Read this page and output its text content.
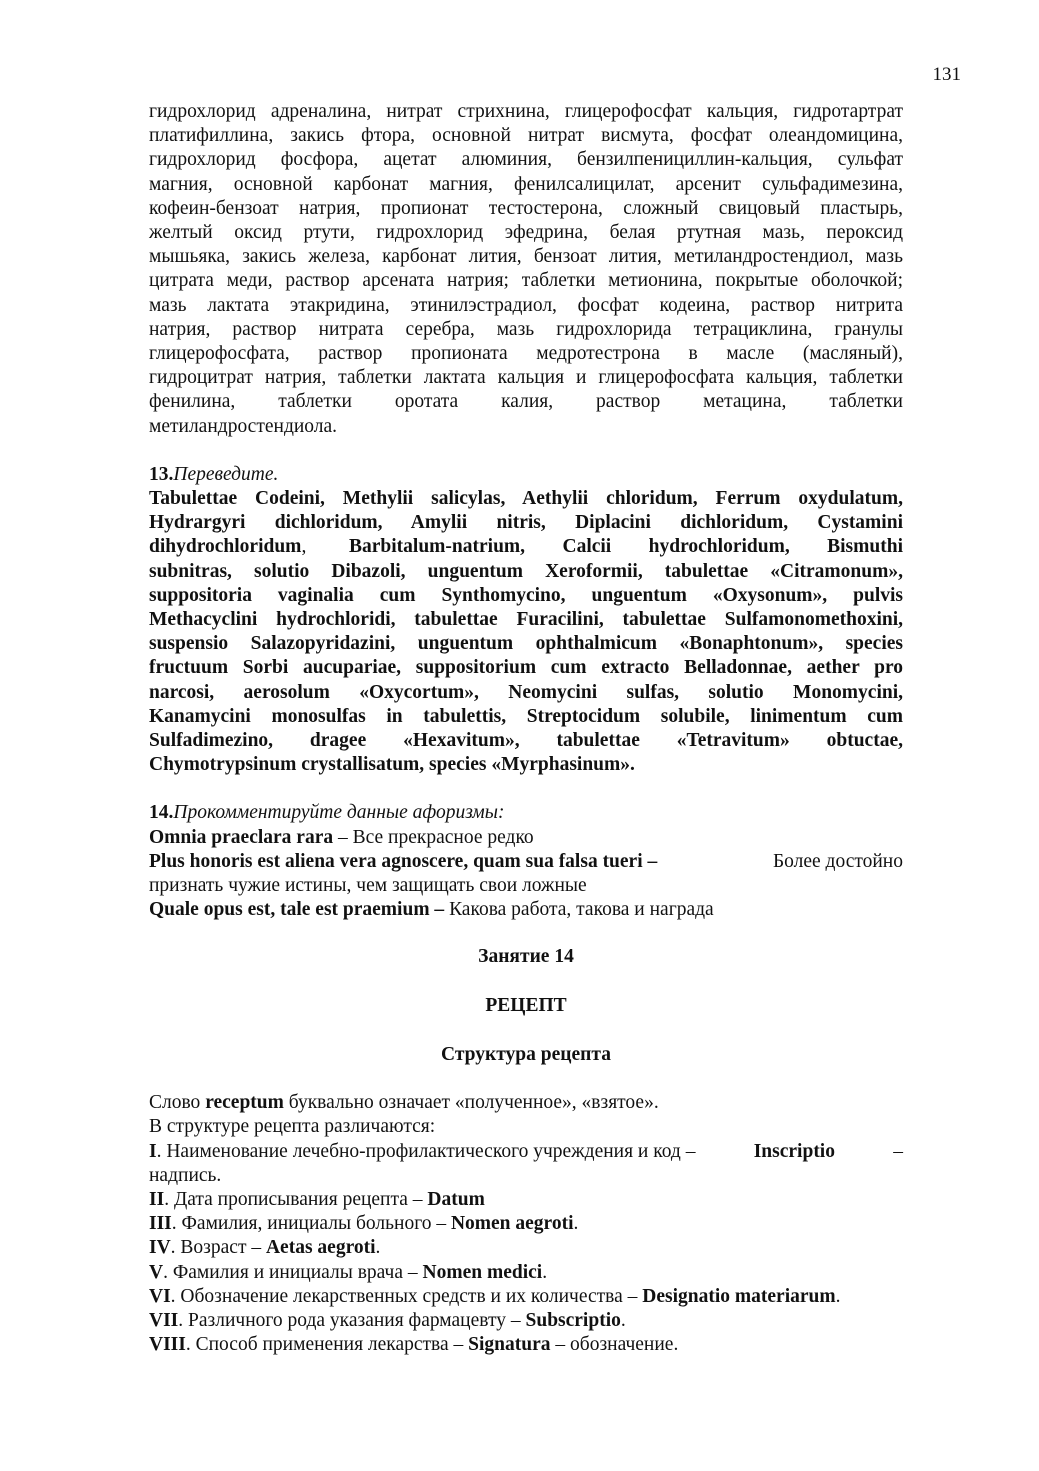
131
гидрохлорид адреналина, нитрат стрихнина, глицерофосфат кальция, гидротартрат
платифиллина, закись фтора, основной нитрат висмута, фосфат олеандомицина,
гидрохлорид фосфора, ацетат алюминия, бензилпенициллин-кальция, сульфат
магния, основной карбонат магния, фенилсалицилат, арсенит сульфадимезина,
кофеин-бензоат натрия, пропионат тестостерона, сложный свицовый пластырь,
желтый оксид ртути, гидрохлорид эфедрина, белая ртутная мазь, пероксид
мышьяка, закись железа, карбонат лития, бензоат лития, метиландростендиол, мазь
цитрата меди, раствор арсената натрия; таблетки метионина, покрытые оболочкой;
мазь лактата этакридина, этинилэстрадиол, фосфат кодеина, раствор нитрита
натрия, раствор нитрата серебра, мазь гидрохлорида тетрациклина, гранулы
глицерофосфата, раствор пропионата медротестрона в масле (масляный),
гидроцитрат натрия, таблетки лактата кальция и глицерофосфата кальция, таблетки
фенилина, таблетки оротата калия, раствор метацина, таблетки
метиландростендиола.
13.Переведите.
Tabulettae Codeini, Methylii salicylas, Aethylii chloridum, Ferrum oxydulatum,
Hydrargyri dichloridum, Amylii nitris, Diplacini dichloridum, Cystamini
dihydrochloridum, Barbitalum-natrium, Calcii hydrochloridum, Bismuthi
subnitras, solutio Dibazoli, unguentum Xeroformii, tabulettae «Citramonum»,
suppositoria vaginalia cum Synthomycino, unguentum «Oxysonum», pulvis
Methacyclini hydrochloridi, tabulettae Furacilini, tabulettae Sulfamonomethoxini,
suspensio Salazopyridazini, unguentum ophthalmicum «Bonaphtonum», species
fructuum Sorbi aucupariae, suppositorium cum extracto Belladonnae, aether pro
narcosi, aerosolum «Oxycortum», Neomycini sulfas, solutio Monomycini,
Kanamycini monosulfas in tabulettis, Streptocidum solubile, linimentum cum
Sulfadimezino, dragee «Hexavitum», tabulettae «Tetravitum» obtuctae,
Chymotrypsinum crystallisatum, species «Myrphasinum».
14.Прокомментируйте данные афоризмы:
Omnia praeclara rara – Все прекрасное редко
Plus honoris est aliena vera agnoscere, quam sua falsa tueri –	Более достойно
признать чужие истины, чем защищать свои ложные
Quale opus est, tale est praemium – Какова работа, такова и награда
Занятие 14
РЕЦЕПТ
Структура рецепта
Слово receptum буквально означает «полученное», «взятое».
В структуре рецепта различаются:
I. Наименование лечебно-профилактического учреждения и код –	Inscriptio	–
надпись.
II. Дата прописывания рецепта – Datum
III. Фамилия, инициалы больного – Nomen aegroti.
IV. Возраст – Aetas aegroti.
V. Фамилия и инициалы врача – Nomen medici.
VI. Обозначение лекарственных средств и их количества – Designatio materiarum.
VII. Различного рода указания фармацевту – Subscriptio.
VIII. Способ применения лекарства – Signatura – обозначение.
